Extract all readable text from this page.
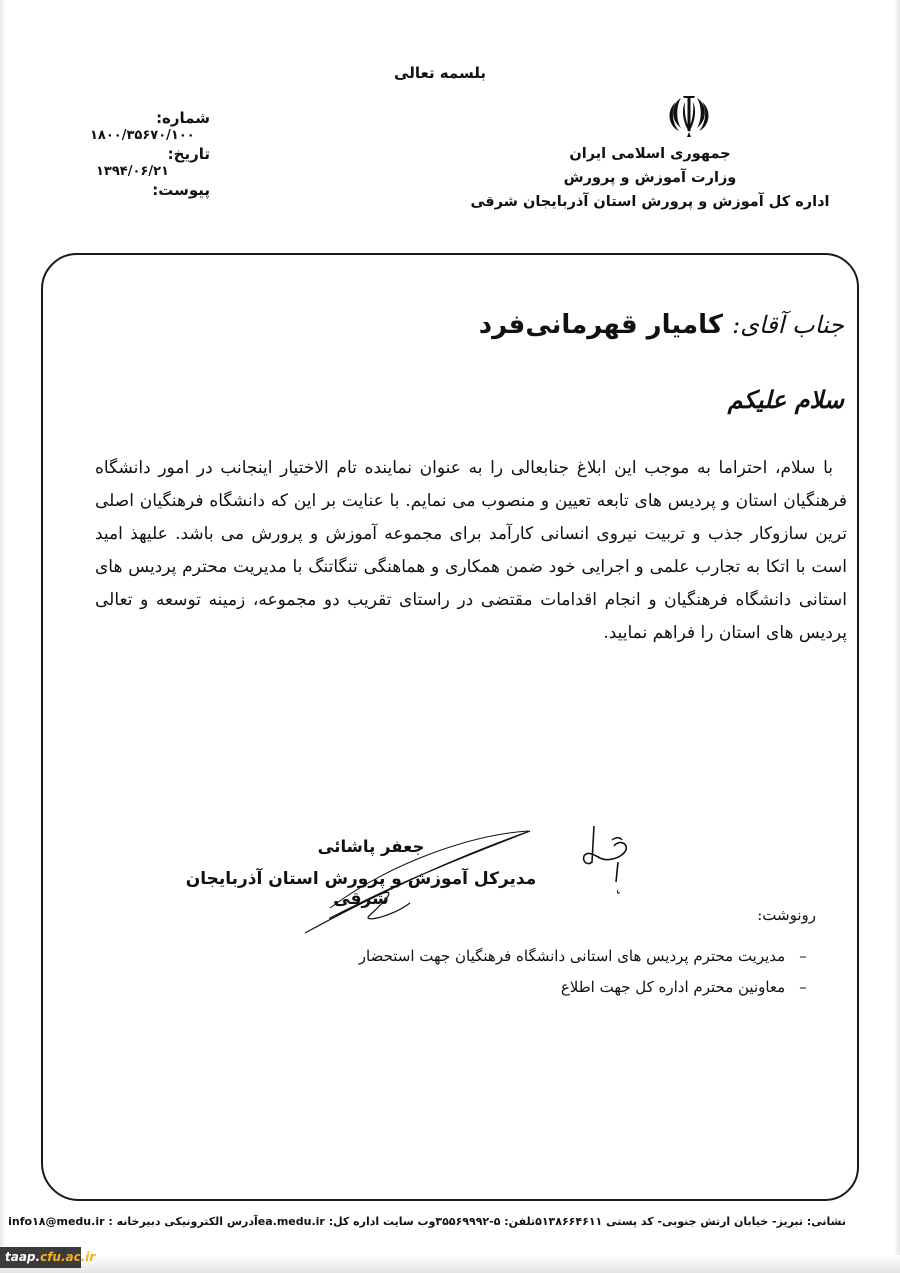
بلسمه تعالی
جمهوری اسلامی ایران
وزارت آموزش و پرورش
اداره کل آموزش و پرورش استان آذربایجان شرقی
شماره:
۱۸۰۰/۳۵۶۷۰/۱۰۰
تاریخ:
۱۳۹۴/۰۶/۲۱
پیوست:
جناب آقای: کامیار قهرمانی‌فرد
سلام علیکم

با سلام، احتراما به موجب این ابلاغ جنابعالی را به عنوان نماینده تام الاختیار اینجانب در امور دانشگاه فرهنگیان استان و پردیس های تابعه تعیین و منصوب می نمایم. با عنایت بر این که دانشگاه فرهنگیان اصلی ترین سازوکار جذب و تربیت نیروی انسانی کارآمد برای مجموعه آموزش و پرورش می باشد. علیهذ امید است با اتکا به تجارب علمی و اجرایی خود ضمن همکاری و هماهنگی تنگاتنگ با مدیریت محترم پردیس های استانی دانشگاه فرهنگیان و انجام اقدامات مقتضی در راستای تقریب دو مجموعه، زمینه توسعه و تعالی پردیس های استان را فراهم نمایید.

جعفر پاشائی
مدیرکل آموزش و پرورش استان آذربایجان شرقی
رونوشت:
– مدیریت محترم پردیس های استانی دانشگاه فرهنگیان جهت استحضار
– معاونین محترم اداره کل جهت اطلاع
نشانی: تبریز- خیابان ارتش جنوبی- کد پستی ۵۱۳۸۶۶۴۶۱۱
تلفن: ۵-۳۵۵۶۹۹۹۲
وب سایت اداره کل: ea.medu.ir
آدرس الکترونیکی دبیرخانه : info۱۸@medu.ir
taap.cfu.ac.ir
